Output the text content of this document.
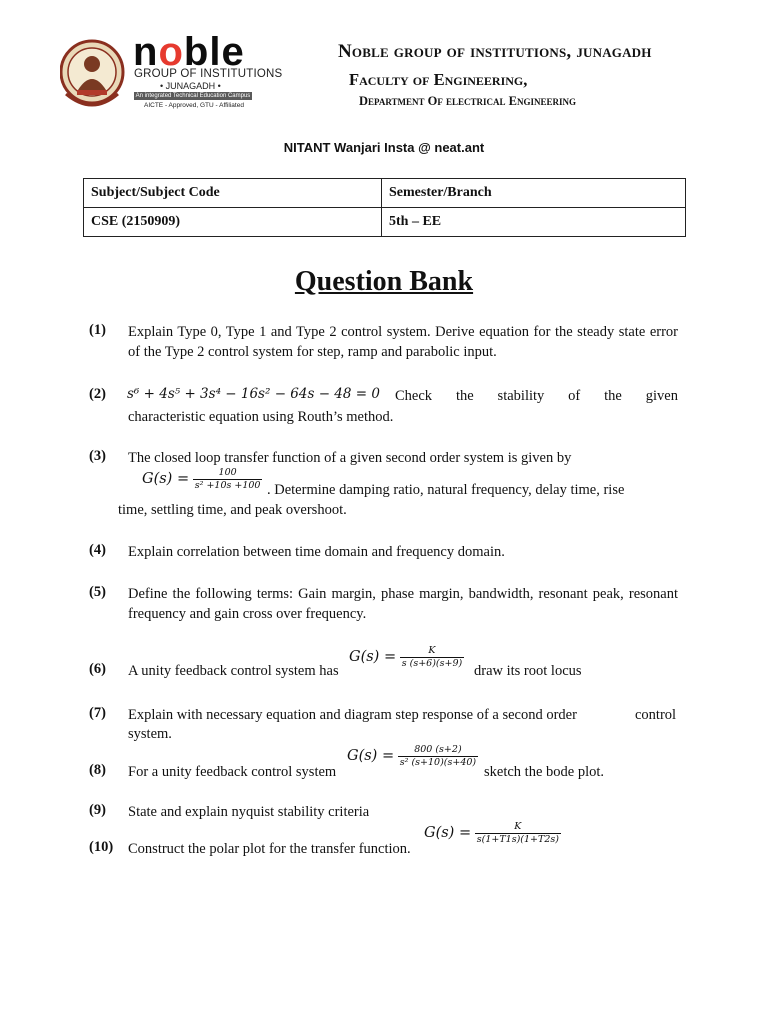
noble
GROUP OF INSTITUTIONS
• JUNAGADH •
An integrated Technical Education Campus
AICTE - Approved, GTU - Affiliated
Noble group of institutions, junagadh
Faculty of Engineering,
Department Of electrical Engineering
NITANT Wanjari Insta @ neat.ant
Subject/Subject Code	Semester/Branch
CSE (2150909)	5th – EE
Question Bank
(1) Explain Type 0, Type 1 and Type 2 control system. Derive equation for the steady state error of the Type 2 control system for step, ramp and parabolic input.
(2) s⁶ + 4s⁵ + 3s⁴ − 16s² − 64s − 48 = 0 Check the stability of the given
characteristic equation using Routh’s method.
(3) The closed loop transfer function of a given second order system is given by
$G(s) = \frac{100}{\text{s² +10s +100}}$ . Determine damping ratio, natural frequency, delay time, rise
time, settling time, and peak overshoot.
(4) Explain correlation between time domain and frequency domain.
(5) Define the following terms: Gain margin, phase margin, bandwidth, resonant peak, resonant frequency and gain cross over frequency.
(6) A unity feedback control system has
$G(s) = \frac{K}{s (s+6)(s+9)}$
draw its root locus
(7) Explain with necessary equation and diagram step response of a second order	control
system.
(8) For a unity feedback control system
$G(s) = \frac{800 (s+2)}{\text{s² (s+10)(s+40)}}$
sketch the bode plot.
(9) State and explain nyquist stability criteria
(10) Construct the polar plot for the transfer function.
$G(s) = \frac{K}{s(1+T1s)(1+T2s)}$
